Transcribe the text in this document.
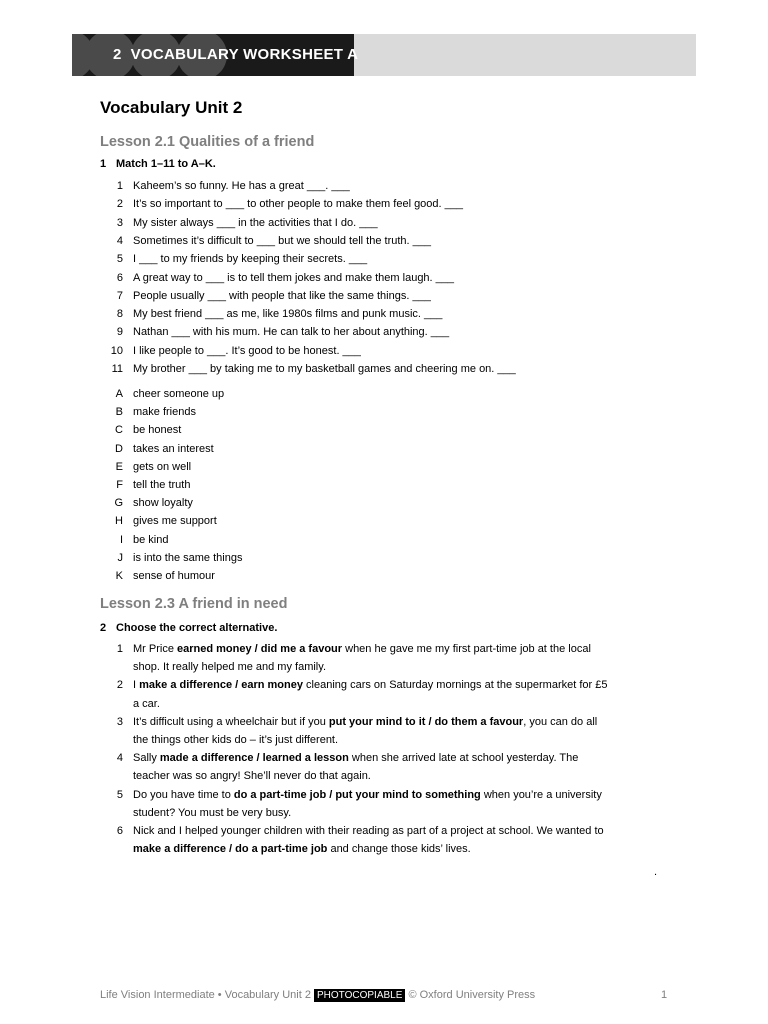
2 VOCABULARY WORKSHEET A
Vocabulary Unit 2
Lesson 2.1 Qualities of a friend
1 Match 1–11 to A–K.
1 Kaheem’s so funny. He has a great ___. ___
2 It’s so important to ___ to other people to make them feel good. ___
3 My sister always ___ in the activities that I do. ___
4 Sometimes it’s difficult to ___ but we should tell the truth. ___
5 I ___ to my friends by keeping their secrets. ___
6 A great way to ___ is to tell them jokes and make them laugh. ___
7 People usually ___ with people that like the same things. ___
8 My best friend ___ as me, like 1980s films and punk music. ___
9 Nathan ___ with his mum. He can talk to her about anything. ___
10 I like people to ___. It’s good to be honest. ___
11 My brother ___ by taking me to my basketball games and cheering me on. ___
A cheer someone up
B make friends
C be honest
D takes an interest
E gets on well
F tell the truth
G show loyalty
H gives me support
I be kind
J is into the same things
K sense of humour
Lesson 2.3 A friend in need
2 Choose the correct alternative.
1 Mr Price earned money / did me a favour when he gave me my first part-time job at the local shop. It really helped me and my family.
2 I make a difference / earn money cleaning cars on Saturday mornings at the supermarket for £5 a car.
3 It’s difficult using a wheelchair but if you put your mind to it / do them a favour, you can do all the things other kids do – it’s just different.
4 Sally made a difference / learned a lesson when she arrived late at school yesterday. The teacher was so angry! She’ll never do that again.
5 Do you have time to do a part-time job / put your mind to something when you’re a university student? You must be very busy.
6 Nick and I helped younger children with their reading as part of a project at school. We wanted to make a difference / do a part-time job and change those kids’ lives.
.
Life Vision Intermediate • Vocabulary Unit 2 PHOTOCOPIABLE © Oxford University Press	1
